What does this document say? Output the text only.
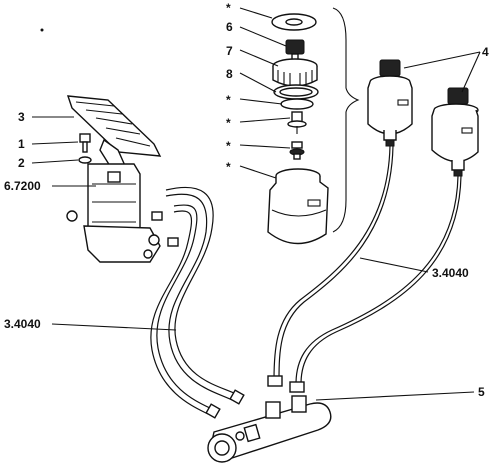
*
6
7
8
*
*
*
*
4
3
1
2
6.7200
3.4040
3.4040
5
